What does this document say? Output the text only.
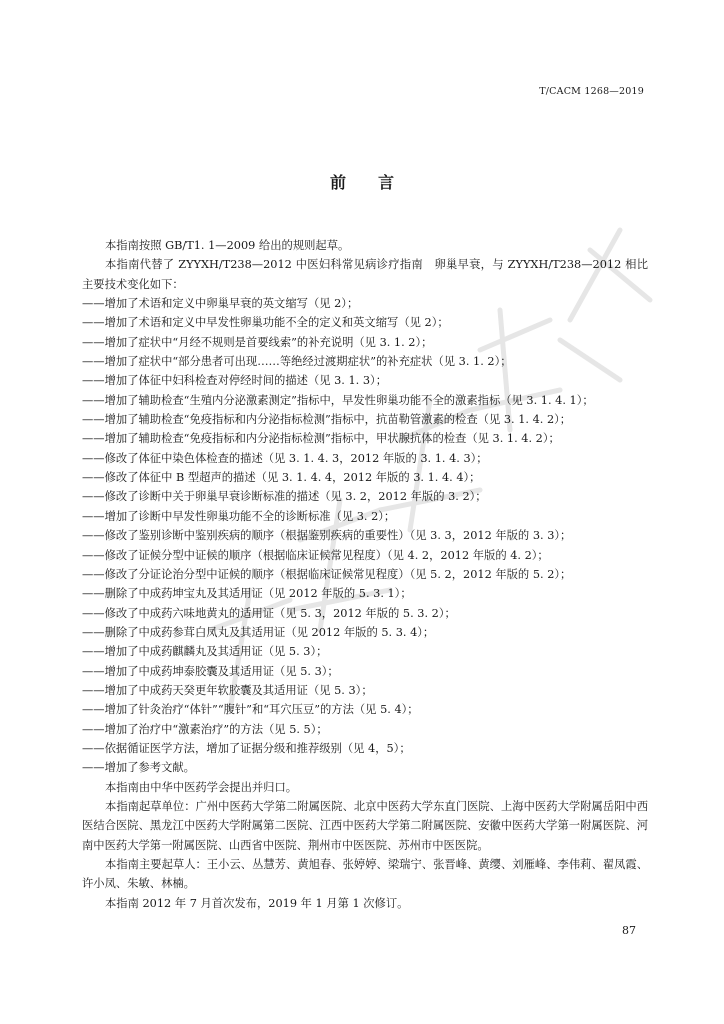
T/CACM 1268—2019
前　　言

本指南按照 GB/T1. 1—2009 给出的规则起草。

本指南代替了 ZYYXH/T238—2012 中医妇科常见病诊疗指南　卵巢早衰，与 ZYYXH/T238—2012 相比主要技术变化如下：

——增加了术语和定义中卵巢早衰的英文缩写（见 2）；

——增加了术语和定义中早发性卵巢功能不全的定义和英文缩写（见 2）；

——增加了症状中“月经不规则是首要线索”的补充说明（见 3. 1. 2）；

——增加了症状中“部分患者可出现……等绝经过渡期症状”的补充症状（见 3. 1. 2）；

——增加了体征中妇科检查对停经时间的描述（见 3. 1. 3）；

——增加了辅助检查“生殖内分泌激素测定”指标中，早发性卵巢功能不全的激素指标（见 3. 1. 4. 1）；

——增加了辅助检查“免疫指标和内分泌指标检测”指标中，抗苗勒管激素的检查（见 3. 1. 4. 2）；

——增加了辅助检查“免疫指标和内分泌指标检测”指标中，甲状腺抗体的检查（见 3. 1. 4. 2）；

——修改了体征中染色体检查的描述（见 3. 1. 4. 3，2012 年版的 3. 1. 4. 3）；

——修改了体征中 B 型超声的描述（见 3. 1. 4. 4，2012 年版的 3. 1. 4. 4）；

——修改了诊断中关于卵巢早衰诊断标准的描述（见 3. 2，2012 年版的 3. 2）；

——增加了诊断中早发性卵巢功能不全的诊断标准（见 3. 2）；

——修改了鉴别诊断中鉴别疾病的顺序（根据鉴别疾病的重要性）（见 3. 3，2012 年版的 3. 3）；

——修改了证候分型中证候的顺序（根据临床证候常见程度）（见 4. 2，2012 年版的 4. 2）；

——修改了分证论治分型中证候的顺序（根据临床证候常见程度）（见 5. 2，2012 年版的 5. 2）；

——删除了中成药坤宝丸及其适用证（见 2012 年版的 5. 3. 1）；

——修改了中成药六味地黄丸的适用证（见 5. 3，2012 年版的 5. 3. 2）；

——删除了中成药参茸白凤丸及其适用证（见 2012 年版的 5. 3. 4）；

——增加了中成药麒麟丸及其适用证（见 5. 3）；

——增加了中成药坤泰胶囊及其适用证（见 5. 3）；

——增加了中成药天癸更年软胶囊及其适用证（见 5. 3）；

——增加了针灸治疗“体针”“腹针”和“耳穴压豆”的方法（见 5. 4）；

——增加了治疗中“激素治疗”的方法（见 5. 5）；

——依据循证医学方法，增加了证据分级和推荐级别（见 4，5）；

——增加了参考文献。

本指南由中华中医药学会提出并归口。

本指南起草单位：广州中医药大学第二附属医院、北京中医药大学东直门医院、上海中医药大学附属岳阳中西医结合医院、黑龙江中医药大学附属第二医院、江西中医药大学第二附属医院、安徽中医药大学第一附属医院、河南中医药大学第一附属医院、山西省中医院、荆州市中医医院、苏州市中医医院。

本指南主要起草人：王小云、丛慧芳、黄旭春、张婷婷、梁瑞宁、张晋峰、黄缨、刘雁峰、李伟莉、翟凤霞、许小凤、朱敏、林楠。

本指南 2012 年 7 月首次发布，2019 年 1 月第 1 次修订。

87
